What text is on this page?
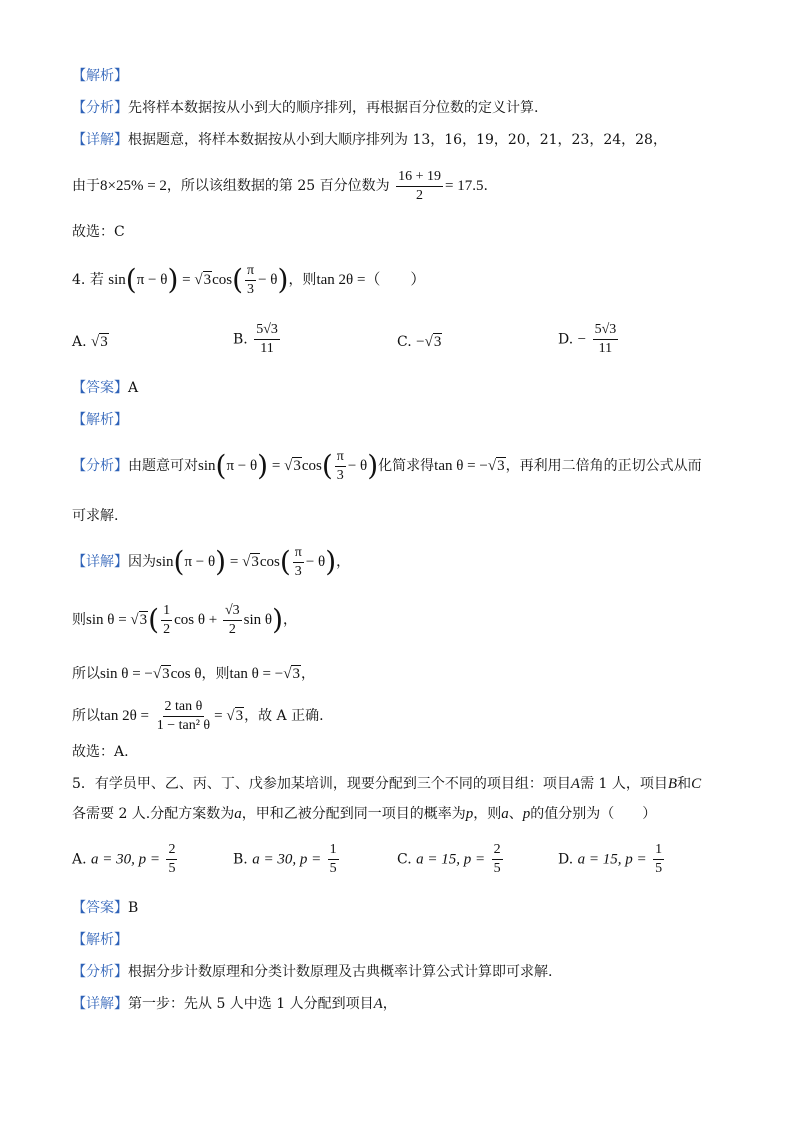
【解析】
【分析】先将样本数据按从小到大的顺序排列，再根据百分位数的定义计算.
【详解】根据题意，将样本数据按从小到大顺序排列为 13，16，19，20，21，23，24，28，
由于8×25% = 2，所以该组数据的第 25 百分位数为 $\frac{16 + 19}{2} = 17.5$.
故选：C
4. 若 $\sin(\pi - \theta) = √3\cos( \frac{\pi}{3} - \theta)$，则tan 2θ =（　　）
A. √3	B. $\frac{5√3}{11}$	C. −√3	D. − $\frac{5√3}{11}$
【答案】A
【解析】
【分析】由题意可对$\sin(\pi - \theta) = √3\cos( \frac{\pi}{3} - \theta)$化简求得tan θ = −√3，再利用二倍角的正切公式从而
可求解.
【详解】因为$\sin(\pi - \theta) = √3\cos( \frac{\pi}{3} - \theta)$，
则$\sin \theta = √3( \frac{1}{2}$ $\cos \theta + \frac{√3}{2}$ sin θ)，
所以sin θ = −√3cos θ，则tan θ = −√3，
所以$\tan 2\theta = \frac{\text{2 tan θ}}{\text{1 − tan² θ}} = √3$，故 A 正确.
故选：A.
5．有学员甲、乙、丙、丁、戊参加某培训，现要分配到三个不同的项目组：项目A需 1 人，项目B和C
各需要 2 人.分配方案数为a，甲和乙被分配到同一项目的概率为p，则a、p的值分别为（　　）
A. a = 30, $p = \frac{2}{5}$	B. a = 30, $p = \frac{1}{5}$	C. a = 15, $p = \frac{2}{5}$	D. a = 15, $p = \frac{1}{5}$
【答案】B
【解析】
【分析】根据分步计数原理和分类计数原理及古典概率计算公式计算即可求解.
【详解】第一步：先从 5 人中选 1 人分配到项目A，
